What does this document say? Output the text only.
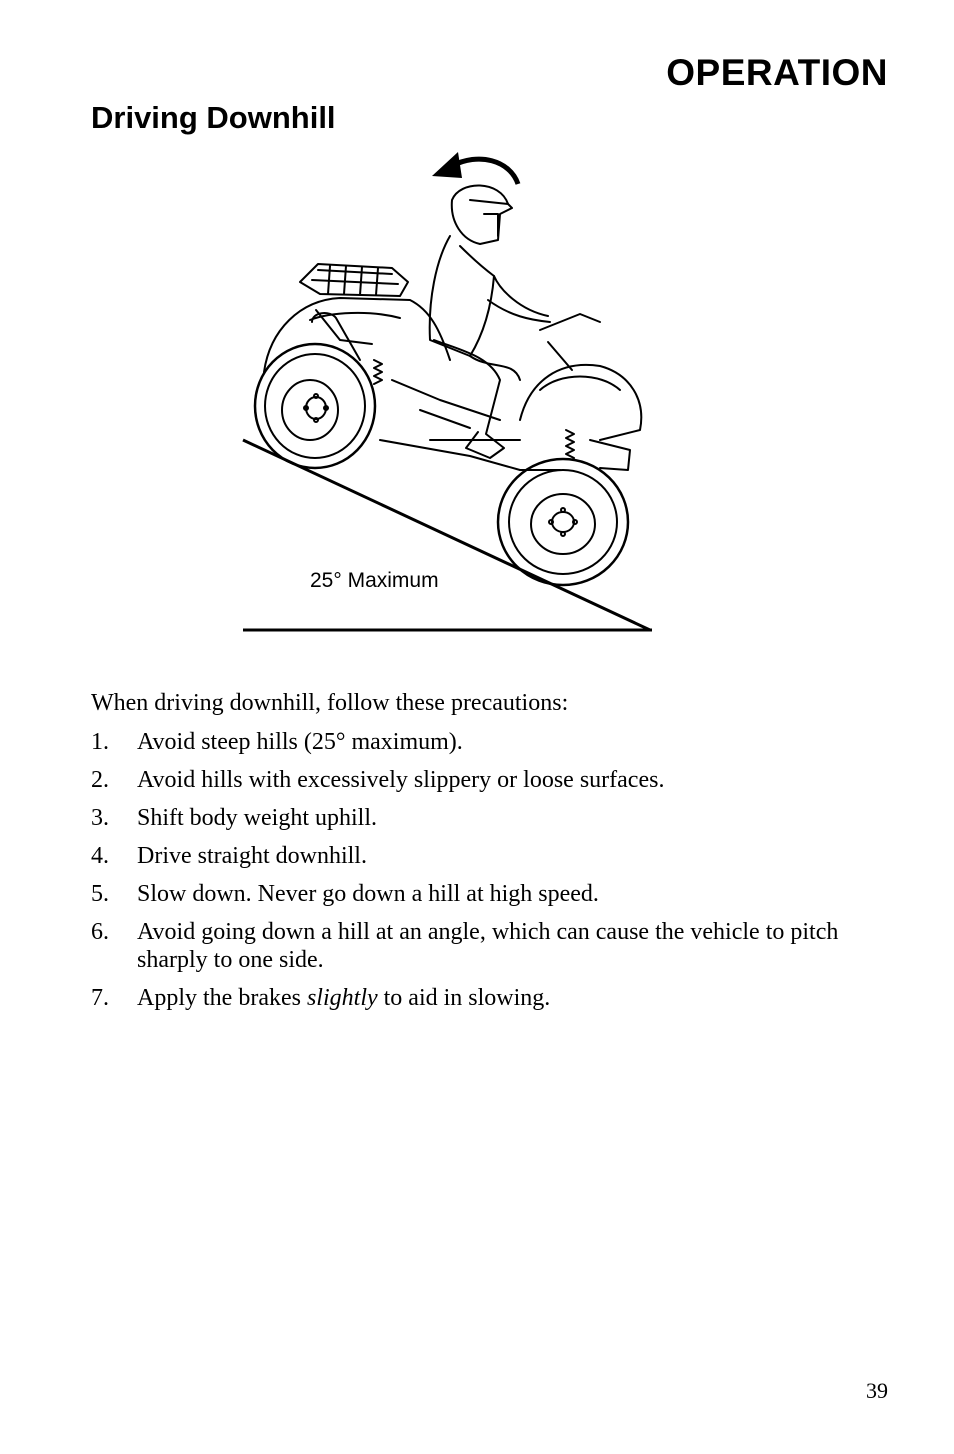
OPERATION
Driving Downhill
25° Maximum
When driving downhill, follow these precautions:
1. Avoid steep hills (25° maximum).
2. Avoid hills with excessively slippery or loose surfaces.
3. Shift body weight uphill.
4. Drive straight downhill.
5. Slow down. Never go down a hill at high speed.
6. Avoid going down a hill at an angle, which can cause the vehicle to pitch sharply to one side.
7. Apply the brakes slightly to aid in slowing.
39
